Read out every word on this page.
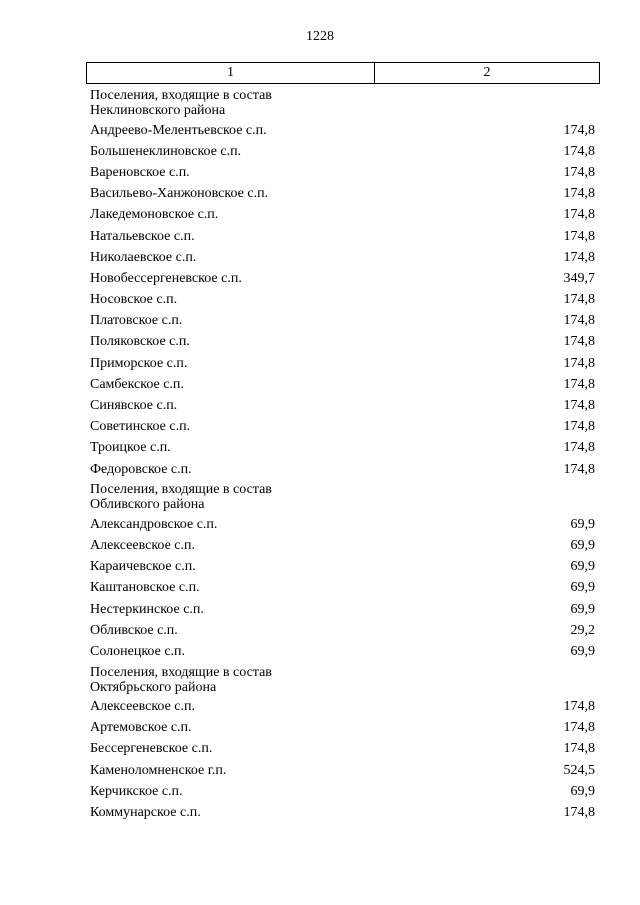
1228
1	2
Поселения, входящие в состав
Неклиновского района
Андреево-Мелентьевское с.п.	174,8
Большенеклиновское с.п.	174,8
Вареновское с.п.	174,8
Васильево-Ханжоновское с.п.	174,8
Лакедемоновское с.п.	174,8
Натальевское с.п.	174,8
Николаевское с.п.	174,8
Новобессергеневское с.п.	349,7
Носовское с.п.	174,8
Платовское с.п.	174,8
Поляковское с.п.	174,8
Приморское с.п.	174,8
Самбекское с.п.	174,8
Синявское с.п.	174,8
Советинское с.п.	174,8
Троицкое с.п.	174,8
Федоровское с.п.	174,8
Поселения, входящие в состав
Обливского района
Александровское с.п.	69,9
Алексеевское с.п.	69,9
Караичевское с.п.	69,9
Каштановское с.п.	69,9
Нестеркинское с.п.	69,9
Обливское с.п.	29,2
Солонецкое с.п.	69,9
Поселения, входящие в состав
Октябрьского района
Алексеевское с.п.	174,8
Артемовское с.п.	174,8
Бессергеневское с.п.	174,8
Каменоломненское г.п.	524,5
Керчикское с.п.	69,9
Коммунарское с.п.	174,8
